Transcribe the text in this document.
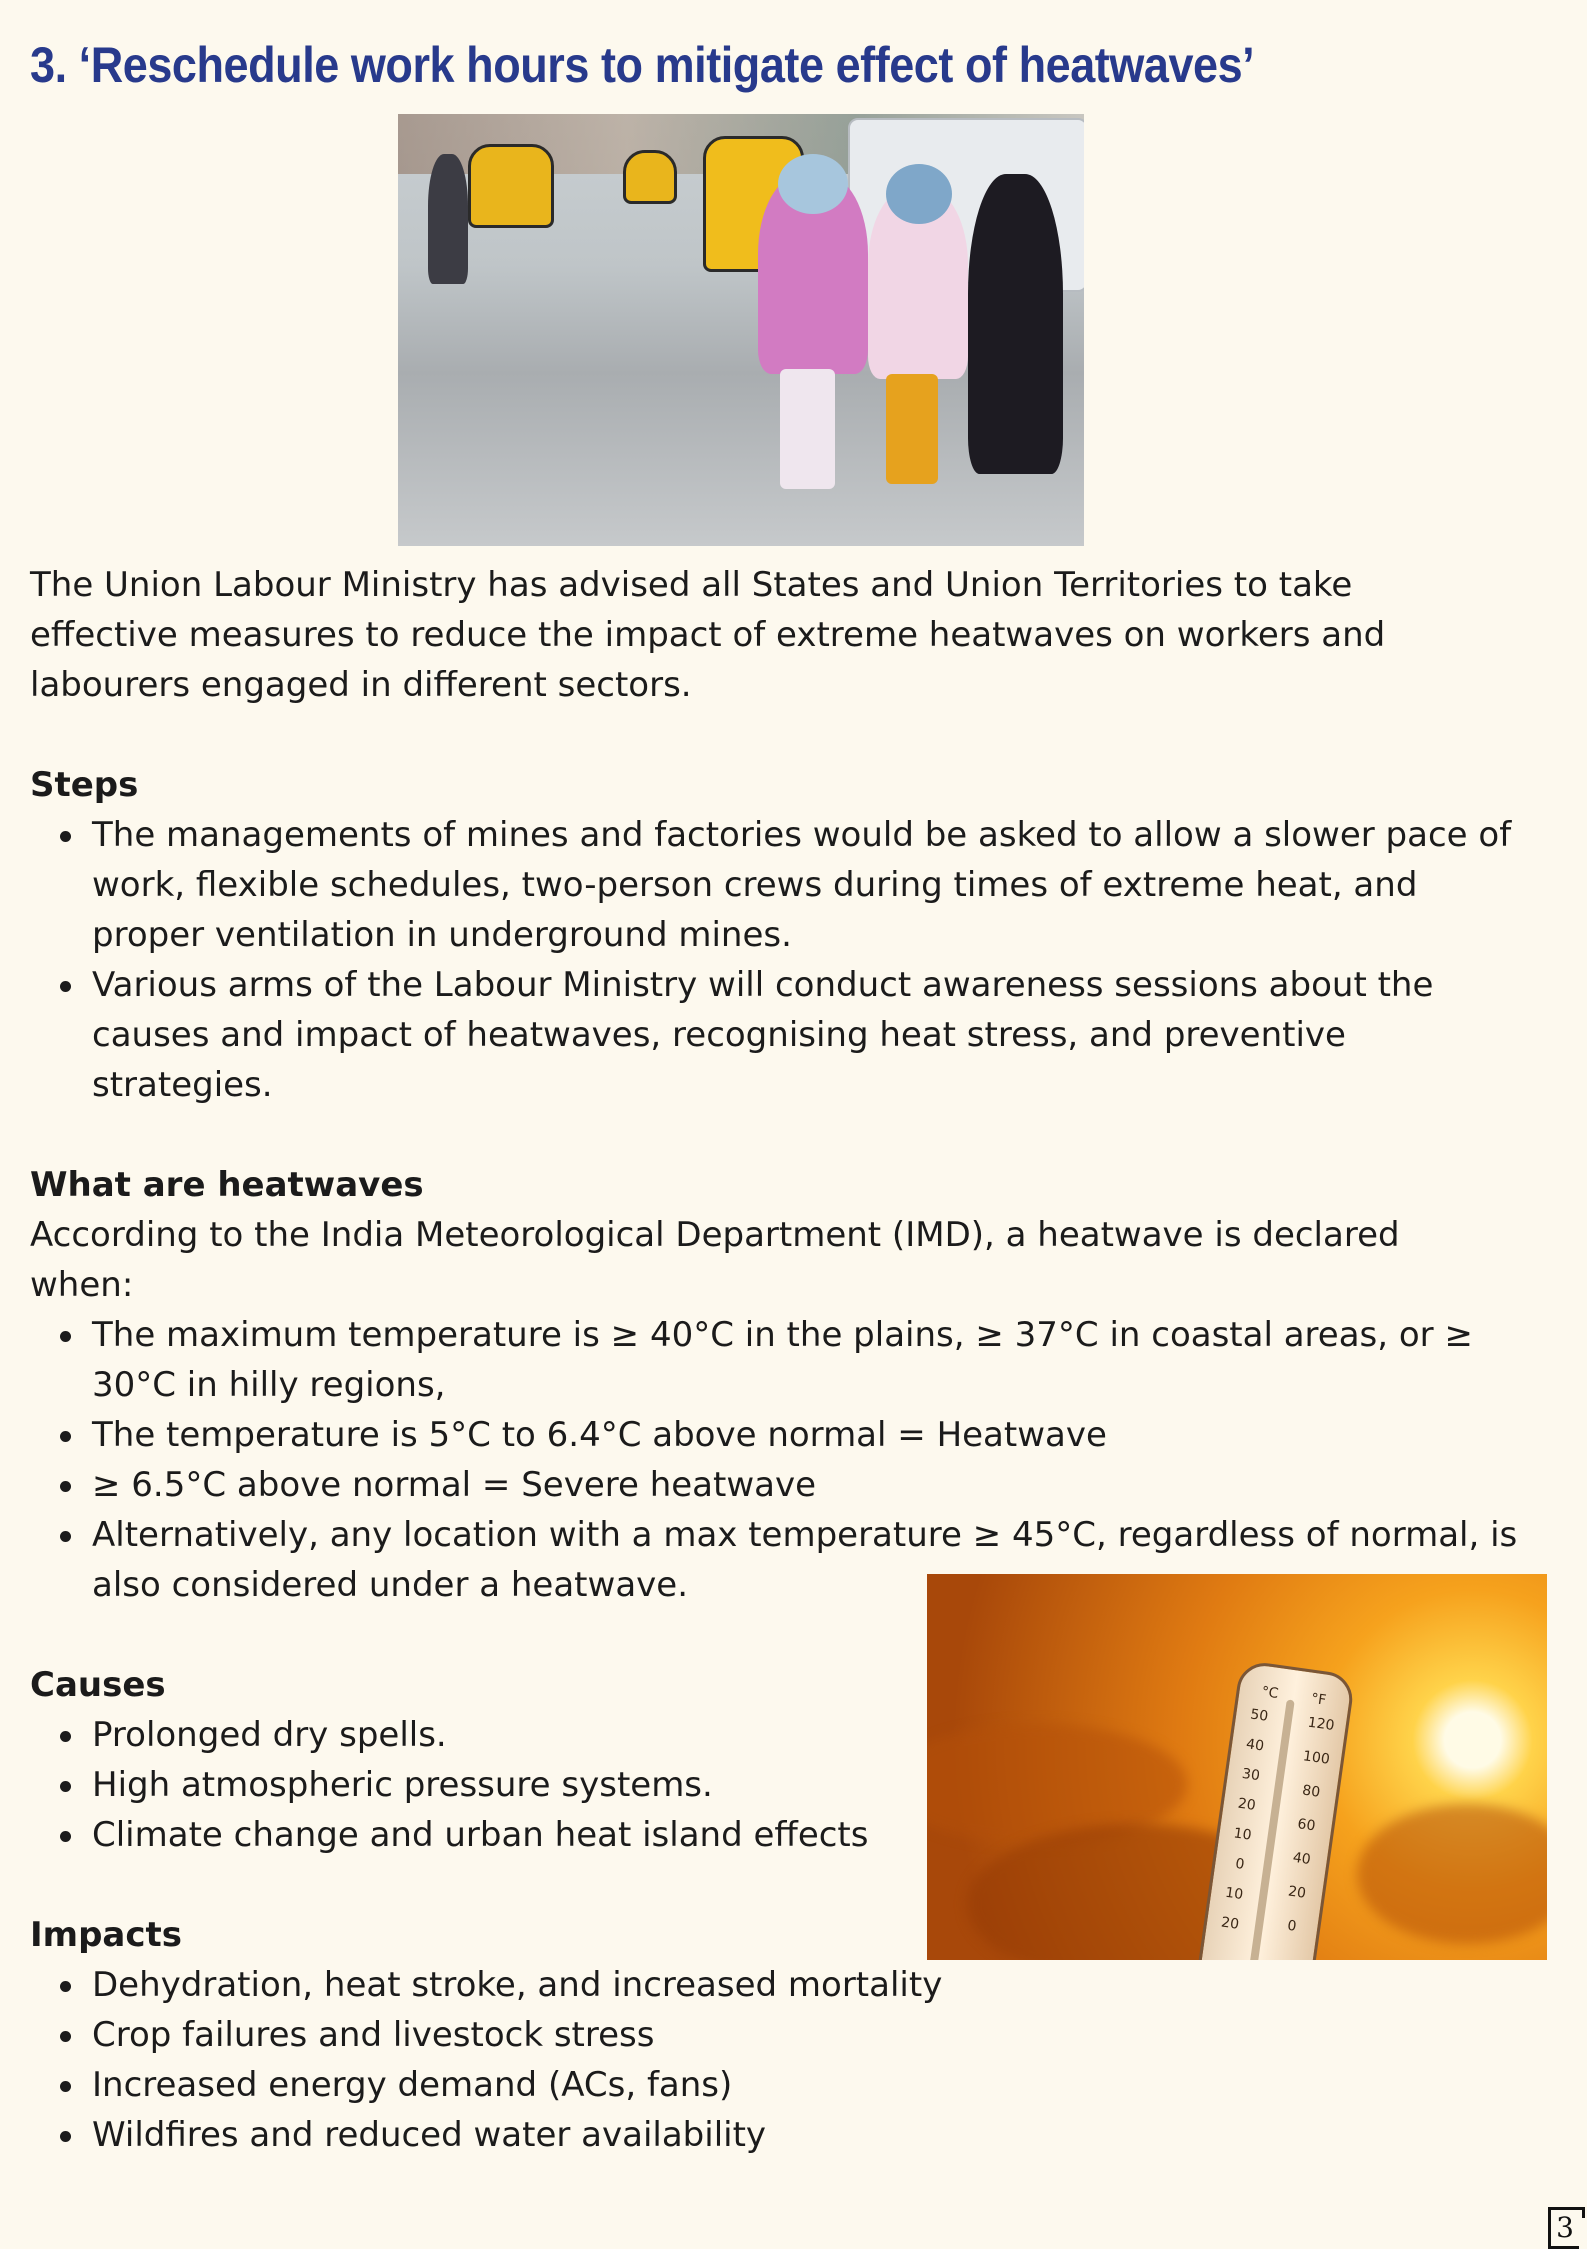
3. ‘Reschedule work hours to mitigate effect of heatwaves’

The Union Labour Ministry has advised all States and Union Territories to take effective measures to reduce the impact of extreme heatwaves on workers and labourers engaged in different sectors.

Steps
The managements of mines and factories would be asked to allow a slower pace of work, flexible schedules, two-person crews during times of extreme heat, and proper ventilation in underground mines.
Various arms of the Labour Ministry will conduct awareness sessions about the causes and impact of heatwaves, recognising heat stress, and preventive strategies.
What are heatwaves

According to the India Meteorological Department (IMD), a heatwave is declared when:

The maximum temperature is ≥ 40°C in the plains, ≥ 37°C in coastal areas, or ≥ 30°C in hilly regions,
The temperature is 5°C to 6.4°C above normal = Heatwave
≥ 6.5°C above normal = Severe heatwave
Alternatively, any location with a max temperature ≥ 45°C, regardless of normal, is also considered under a heatwave.
Causes
Prolonged dry spells.
High atmospheric pressure systems.
Climate change and urban heat island effects
°C °F
50
40
30
20
10
0
10
20
120
100
80
60
40
20
0
Impacts
Dehydration, heat stroke, and increased mortality
Crop failures and livestock stress
Increased energy demand (ACs, fans)
Wildfires and reduced water availability
3
